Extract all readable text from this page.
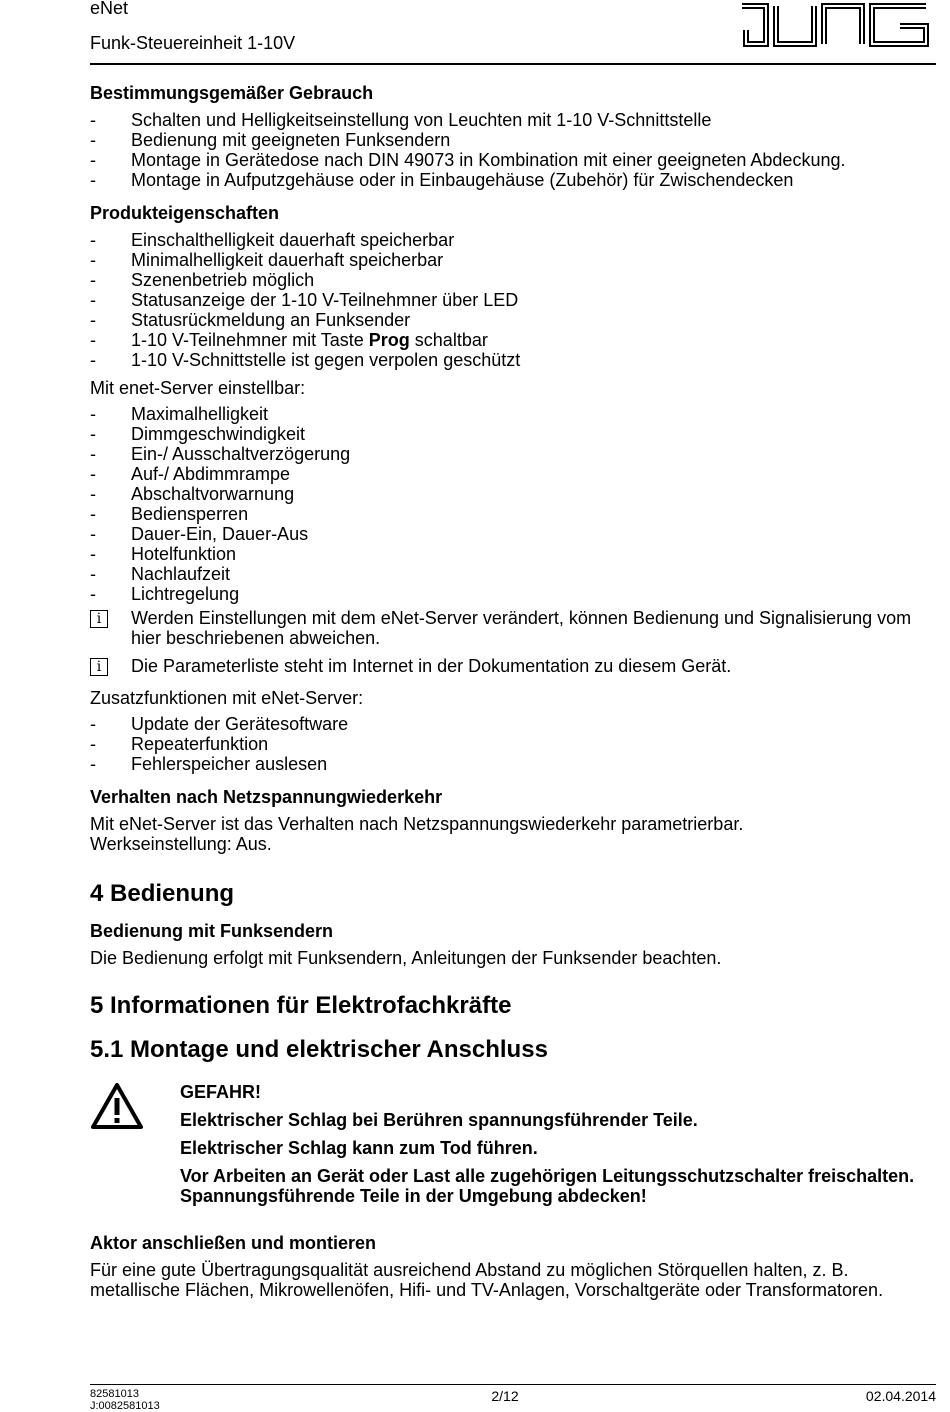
eNet
Funk-Steuereinheit 1-10V
Bestimmungsgemäßer Gebrauch
- Schalten und Helligkeitseinstellung von Leuchten mit 1-10 V-Schnittstelle
- Bedienung mit geeigneten Funksendern
- Montage in Gerätedose nach DIN 49073 in Kombination mit einer geeigneten Abdeckung.
- Montage in Aufputzgehäuse oder in Einbaugehäuse (Zubehör) für Zwischendecken
Produkteigenschaften
- Einschalthelligkeit dauerhaft speicherbar
- Minimalhelligkeit dauerhaft speicherbar
- Szenenbetrieb möglich
- Statusanzeige der 1-10 V-Teilnehmner über LED
- Statusrückmeldung an Funksender
- 1-10 V-Teilnehmner mit Taste Prog schaltbar
- 1-10 V-Schnittstelle ist gegen verpolen geschützt

Mit enet-Server einstellbar:

- Maximalhelligkeit
- Dimmgeschwindigkeit
- Ein-/ Ausschaltverzögerung
- Auf-/ Abdimmrampe
- Abschaltvorwarnung
- Bediensperren
- Dauer-Ein, Dauer-Aus
- Hotelfunktion
- Nachlaufzeit
- Lichtregelung
i	Werden Einstellungen mit dem eNet-Server verändert, können Bedienung und Signalisierung vom hier beschriebenen abweichen.
i	Die Parameterliste steht im Internet in der Dokumentation zu diesem Gerät.

Zusatzfunktionen mit eNet-Server:

- Update der Gerätesoftware
- Repeaterfunktion
- Fehlerspeicher auslesen
Verhalten nach Netzspannungwiederkehr

Mit eNet-Server ist das Verhalten nach Netzspannungswiederkehr parametrierbar.

Werkseinstellung: Aus.

4 Bedienung
Bedienung mit Funksendern

Die Bedienung erfolgt mit Funksendern, Anleitungen der Funksender beachten.

5 Informationen für Elektrofachkräfte
5.1 Montage und elektrischer Anschluss

GEFAHR!

Elektrischer Schlag bei Berühren spannungsführender Teile.

Elektrischer Schlag kann zum Tod führen.

Vor Arbeiten an Gerät oder Last alle zugehörigen Leitungsschutzschalter freischalten. Spannungsführende Teile in der Umgebung abdecken!

Aktor anschließen und montieren

Für eine gute Übertragungsqualität ausreichend Abstand zu möglichen Störquellen halten, z. B. metallische Flächen, Mikrowellenöfen, Hifi- und TV-Anlagen, Vorschaltgeräte oder Transformatoren.

82581013
J:0082581013
2/12	02.04.2014
